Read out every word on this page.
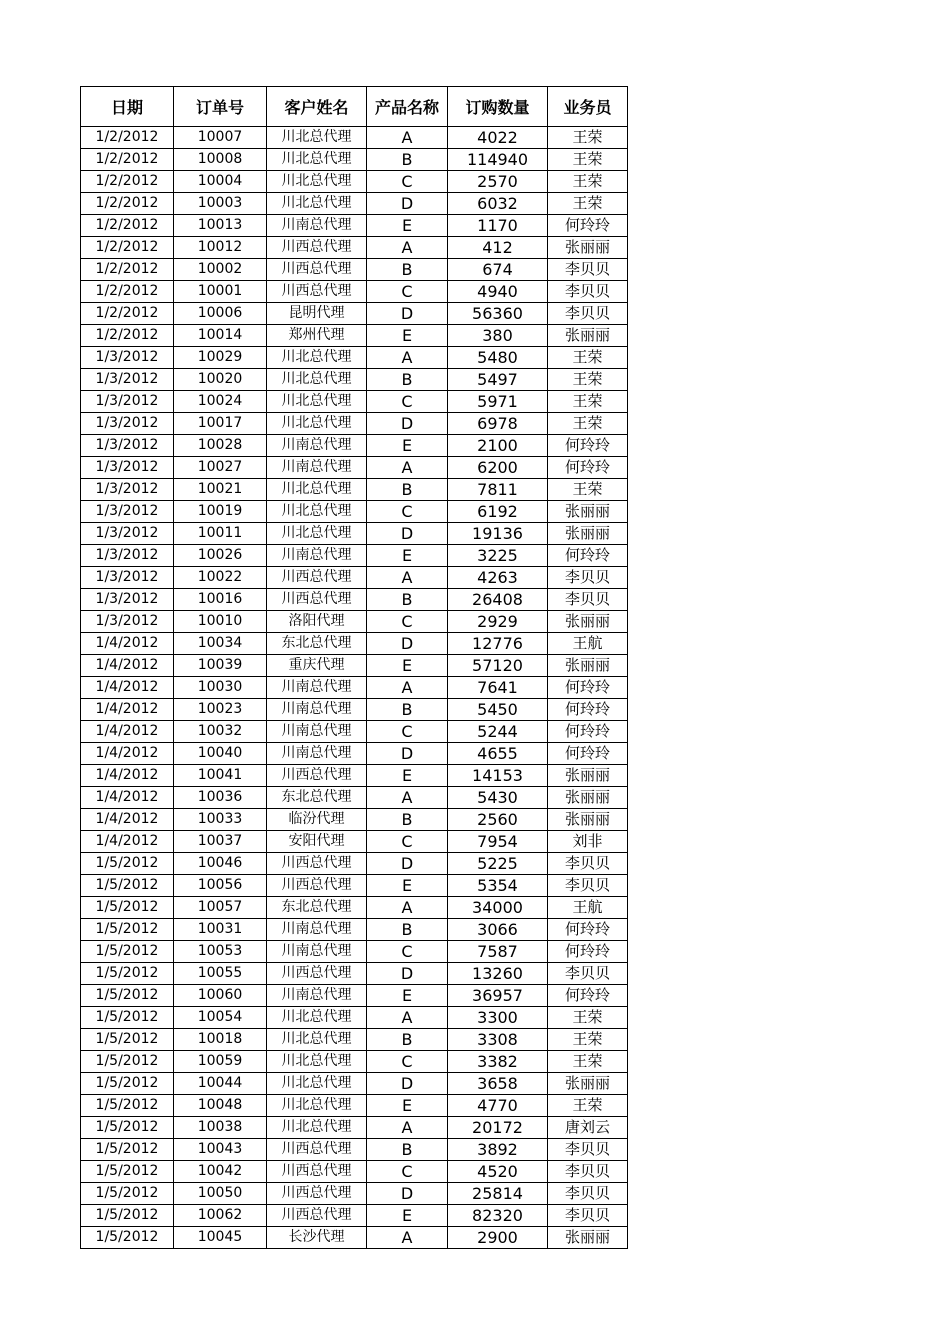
日期	订单号	客户姓名	产品名称	订购数量	业务员
1/2/2012	10007	川北总代理	A	4022	王荣
1/2/2012	10008	川北总代理	B	114940	王荣
1/2/2012	10004	川北总代理	C	2570	王荣
1/2/2012	10003	川北总代理	D	6032	王荣
1/2/2012	10013	川南总代理	E	1170	何玲玲
1/2/2012	10012	川西总代理	A	412	张丽丽
1/2/2012	10002	川西总代理	B	674	李贝贝
1/2/2012	10001	川西总代理	C	4940	李贝贝
1/2/2012	10006	昆明代理	D	56360	李贝贝
1/2/2012	10014	郑州代理	E	380	张丽丽
1/3/2012	10029	川北总代理	A	5480	王荣
1/3/2012	10020	川北总代理	B	5497	王荣
1/3/2012	10024	川北总代理	C	5971	王荣
1/3/2012	10017	川北总代理	D	6978	王荣
1/3/2012	10028	川南总代理	E	2100	何玲玲
1/3/2012	10027	川南总代理	A	6200	何玲玲
1/3/2012	10021	川北总代理	B	7811	王荣
1/3/2012	10019	川北总代理	C	6192	张丽丽
1/3/2012	10011	川北总代理	D	19136	张丽丽
1/3/2012	10026	川南总代理	E	3225	何玲玲
1/3/2012	10022	川西总代理	A	4263	李贝贝
1/3/2012	10016	川西总代理	B	26408	李贝贝
1/3/2012	10010	洛阳代理	C	2929	张丽丽
1/4/2012	10034	东北总代理	D	12776	王航
1/4/2012	10039	重庆代理	E	57120	张丽丽
1/4/2012	10030	川南总代理	A	7641	何玲玲
1/4/2012	10023	川南总代理	B	5450	何玲玲
1/4/2012	10032	川南总代理	C	5244	何玲玲
1/4/2012	10040	川南总代理	D	4655	何玲玲
1/4/2012	10041	川西总代理	E	14153	张丽丽
1/4/2012	10036	东北总代理	A	5430	张丽丽
1/4/2012	10033	临汾代理	B	2560	张丽丽
1/4/2012	10037	安阳代理	C	7954	刘非
1/5/2012	10046	川西总代理	D	5225	李贝贝
1/5/2012	10056	川西总代理	E	5354	李贝贝
1/5/2012	10057	东北总代理	A	34000	王航
1/5/2012	10031	川南总代理	B	3066	何玲玲
1/5/2012	10053	川南总代理	C	7587	何玲玲
1/5/2012	10055	川西总代理	D	13260	李贝贝
1/5/2012	10060	川南总代理	E	36957	何玲玲
1/5/2012	10054	川北总代理	A	3300	王荣
1/5/2012	10018	川北总代理	B	3308	王荣
1/5/2012	10059	川北总代理	C	3382	王荣
1/5/2012	10044	川北总代理	D	3658	张丽丽
1/5/2012	10048	川北总代理	E	4770	王荣
1/5/2012	10038	川北总代理	A	20172	唐刘云
1/5/2012	10043	川西总代理	B	3892	李贝贝
1/5/2012	10042	川西总代理	C	4520	李贝贝
1/5/2012	10050	川西总代理	D	25814	李贝贝
1/5/2012	10062	川西总代理	E	82320	李贝贝
1/5/2012	10045	长沙代理	A	2900	张丽丽
